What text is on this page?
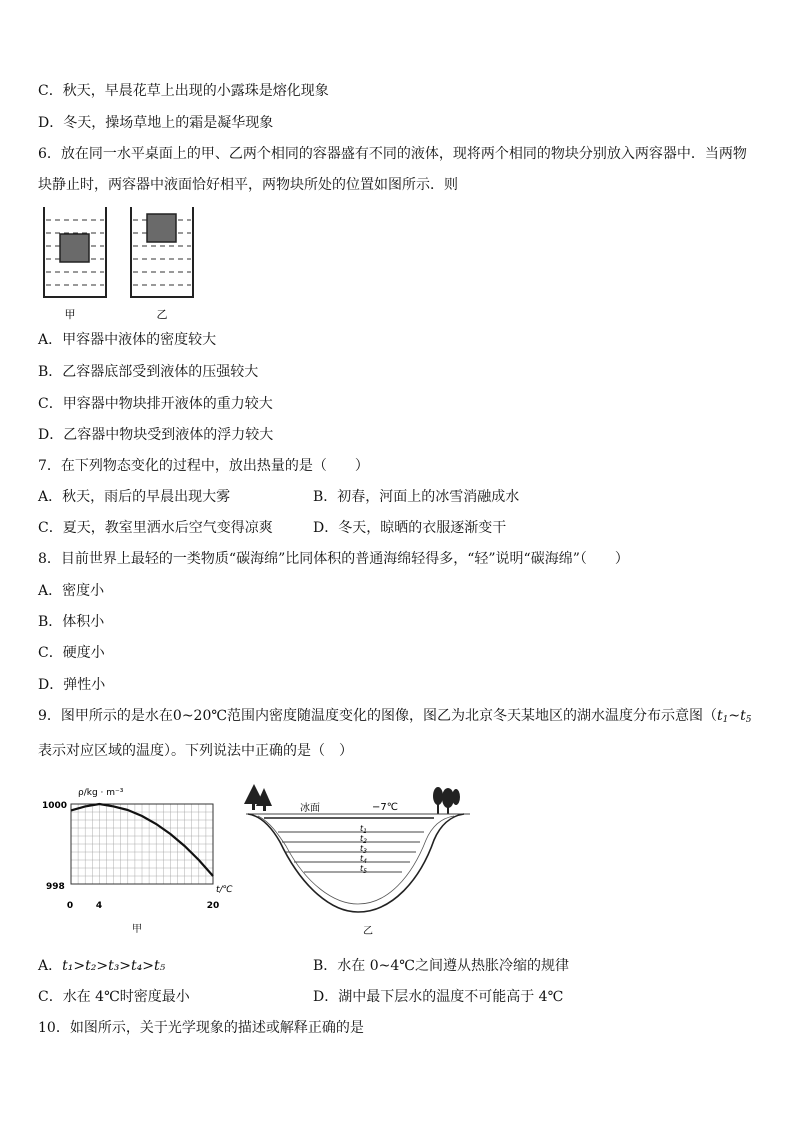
C．秋天，早晨花草上出现的小露珠是熔化现象
D．冬天，操场草地上的霜是凝华现象
6．放在同一水平桌面上的甲、乙两个相同的容器盛有不同的液体，现将两个相同的物块分别放入两容器中．当两物块静止时，两容器中液面恰好相平，两物块所处的位置如图所示．则
甲	乙
A．甲容器中液体的密度较大
B．乙容器底部受到液体的压强较大
C．甲容器中物块排开液体的重力较大
D．乙容器中物块受到液体的浮力较大
7．在下列物态变化的过程中，放出热量的是（　　）
A．秋天，雨后的早晨出现大雾	B．初春，河面上的冰雪消融成水
C．夏天，教室里洒水后空气变得凉爽	D．冬天，晾晒的衣服逐渐变干
8．目前世界上最轻的一类物质“碳海绵”比同体积的普通海绵轻得多，“轻”说明“碳海绵”（　　）
A．密度小
B．体积小
C．硬度小
D．弹性小
9．图甲所示的是水在0~20℃范围内密度随温度变化的图像，图乙为北京冬天某地区的湖水温度分布示意图（$t_1\sim t_5$表示对应区域的温度）。下列说法中正确的是（　）
ρ/kg · m⁻³
1000
998	t/℃
0	4	20
甲
冰面	−7℃
$t_1$
$t_2$
$t_3$
$t_4$
$t_5$
乙
A．t₁>t₂>t₃>t₄>t₅	B．水在 0~4℃之间遵从热胀冷缩的规律
C．水在 4℃时密度最小	D．湖中最下层水的温度不可能高于 4℃
10．如图所示，关于光学现象的描述或解释正确的是
